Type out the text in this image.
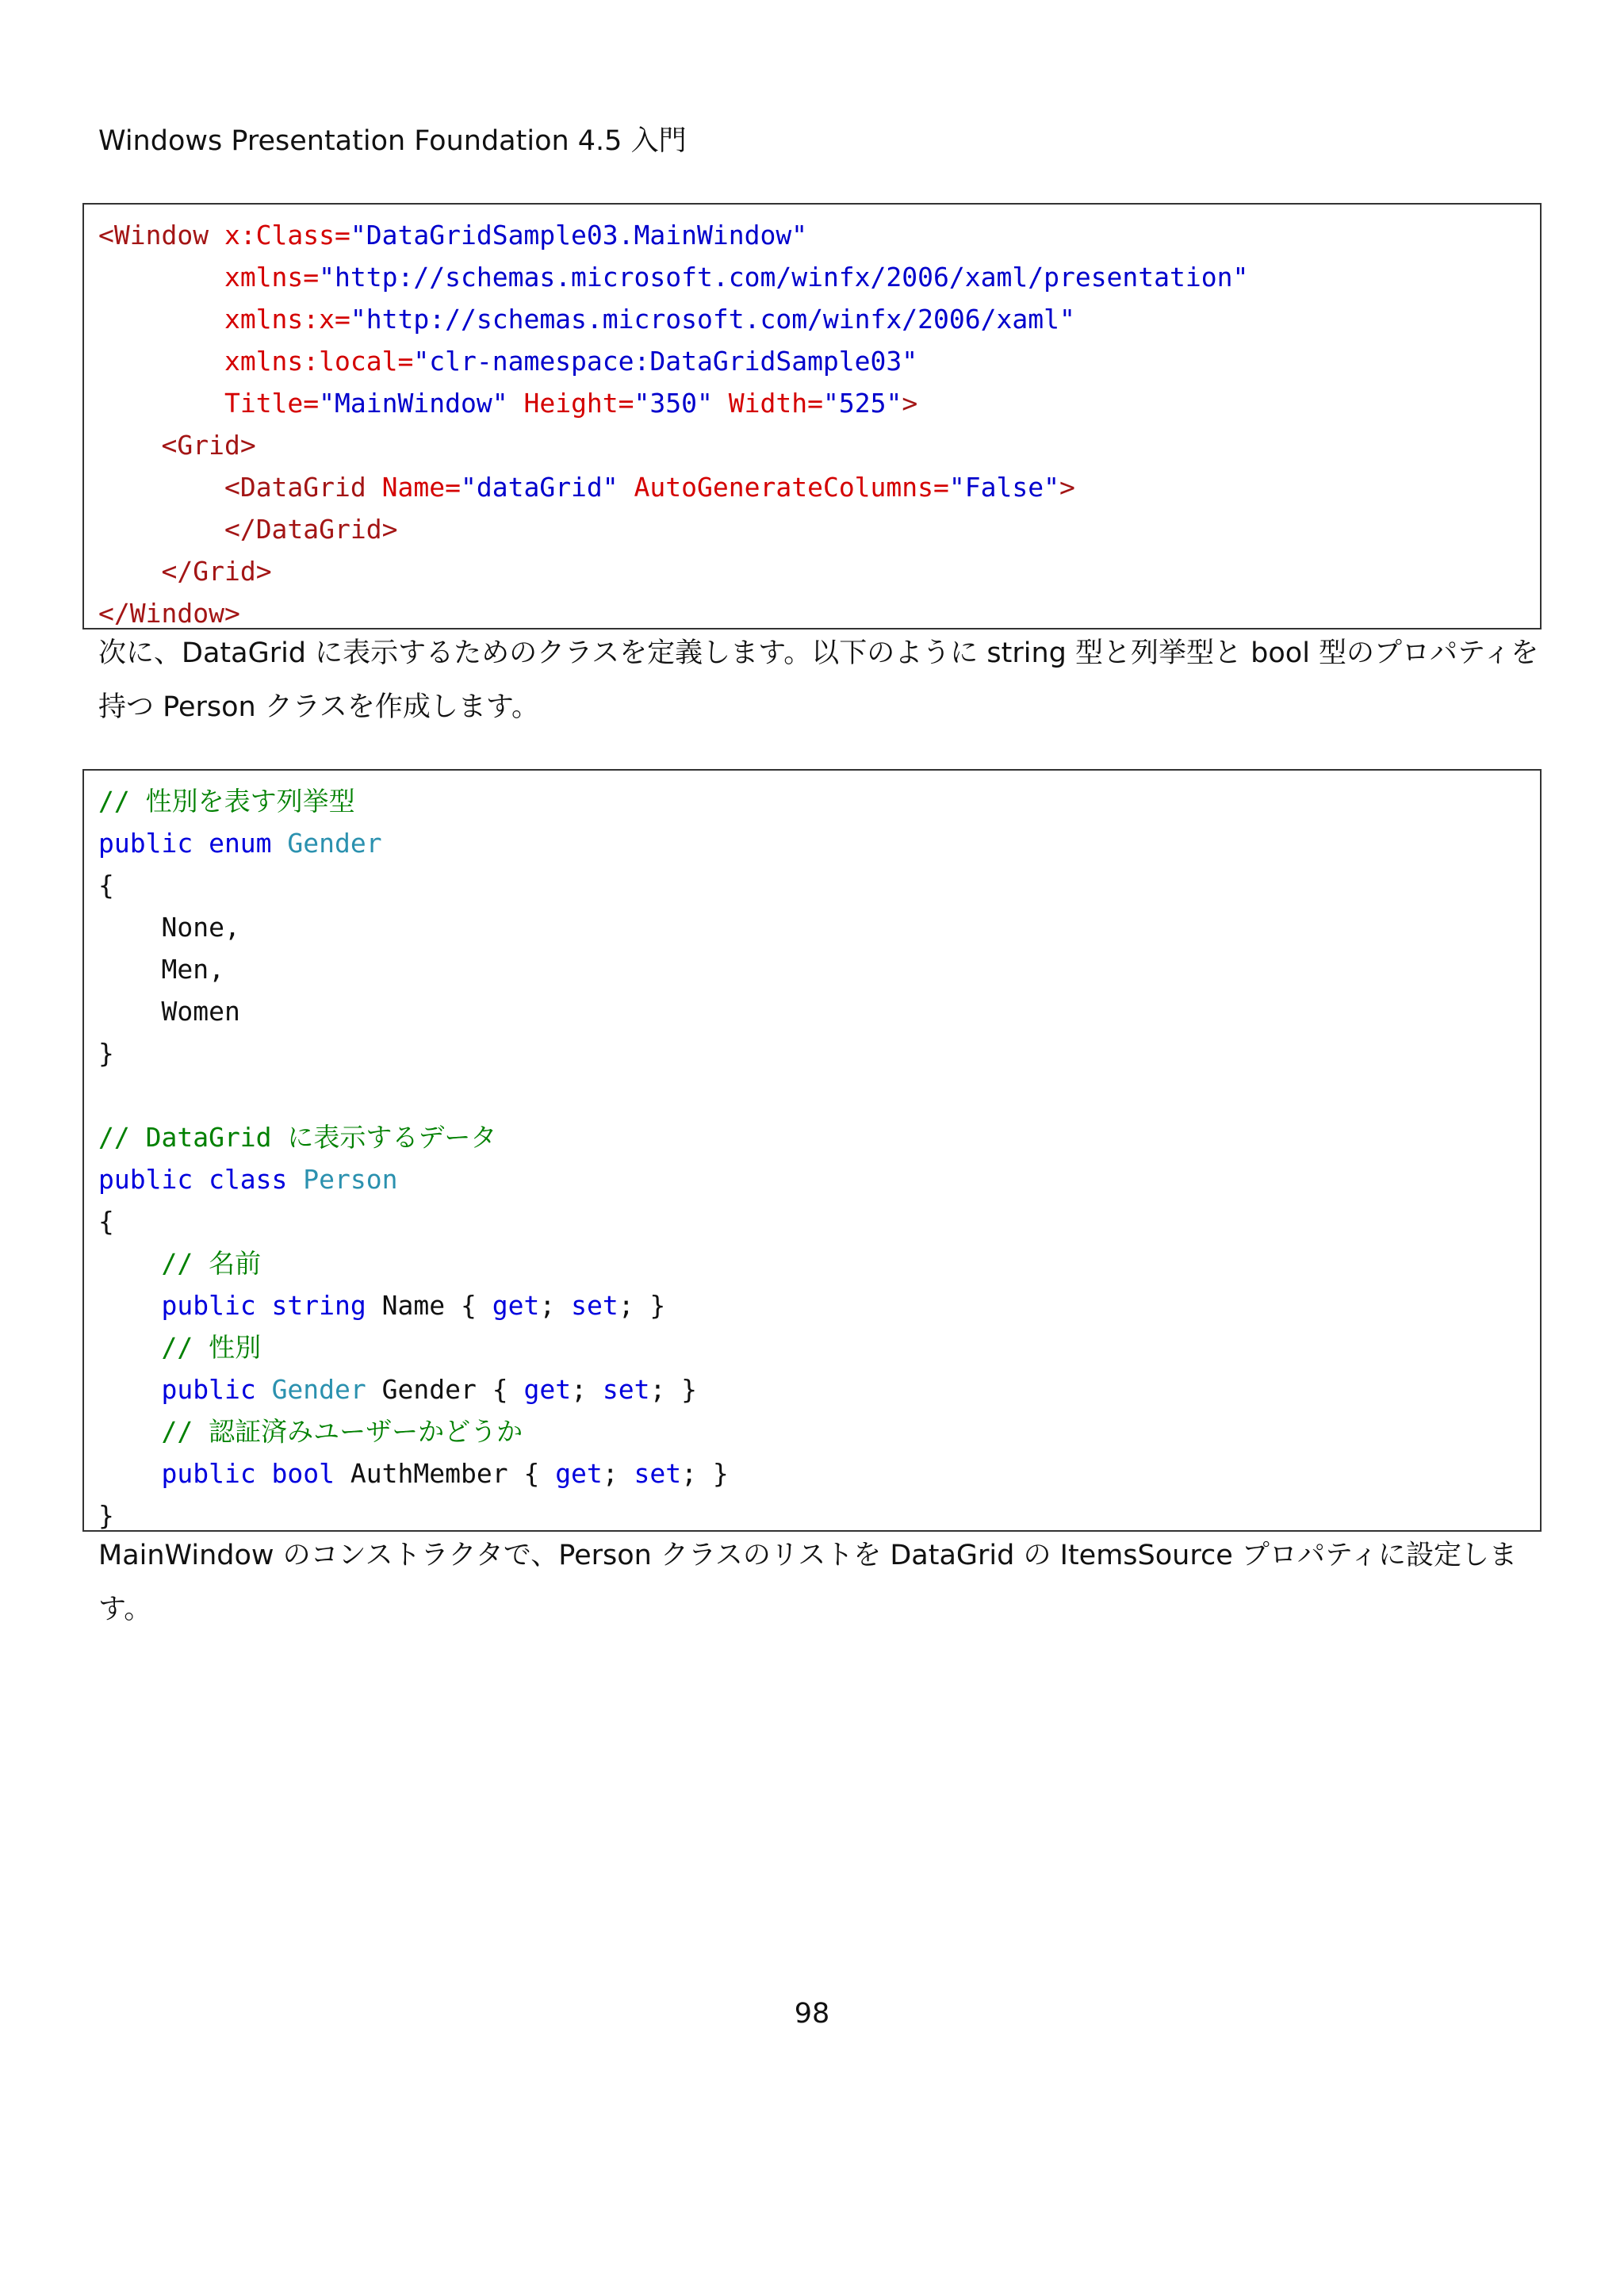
Windows Presentation Foundation 4.5 入門
<Window x:Class="DataGridSample03.MainWindow"
xmlns="http://schemas.microsoft.com/winfx/2006/xaml/presentation"
xmlns:x="http://schemas.microsoft.com/winfx/2006/xaml"
xmlns:local="clr-namespace:DataGridSample03"
Title="MainWindow" Height="350" Width="525">
<Grid>
<DataGrid Name="dataGrid" AutoGenerateColumns="False">
</DataGrid>
</Grid>
</Window>
次に、DataGrid に表示するためのクラスを定義します。以下のように string 型と列挙型と bool 型のプロパティを
持つ Person クラスを作成します。
// 性別を表す列挙型
public enum Gender
{
None,
Men,
Women
}
// DataGrid に表示するデータ
public class Person
{
// 名前
public string Name { get; set; }
// 性別
public Gender Gender { get; set; }
// 認証済みユーザーかどうか
public bool AuthMember { get; set; }
}
MainWindow のコンストラクタで、Person クラスのリストを DataGrid の ItemsSource プロパティに設定しま
す。
98
